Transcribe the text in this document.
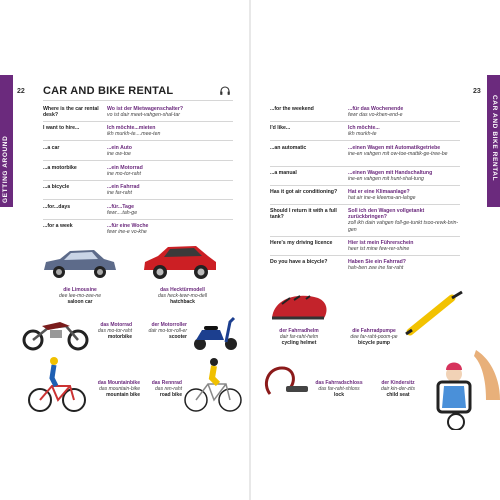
GETTING AROUND
22 CAR AND BIKE RENTAL
Where is the car rental desk?
Wo ist der Mietwagenschalter?
vo ist dair meet-vahgen-shal-tar
I want to hire...	Ich möchte...mieten
ikh murkh-te....mee-ten
...a car	...ein Auto
ine ow-toe
...a motorbike	...ein Motorrad
ine mo-tor-raht
...a bicycle	...ein Fahrrad
ine far-raht
...for...days	...für...Tage
fewr....tah-ge
...for a week	...für eine Woche
fewr ine-e vo-khe
die Limousine
dee lee-mo-zee-ne
saloon car
das Hecktürmodell
das heck-tewr-mo-dell
hatchback
das Motorrad
das mo-tor-raht
motorbike
der Motorroller
dair mo-tor-roll-er
scooter
das Mountainbike
das mountain-bike
mountain bike
das Rennrad
das ren-raht
road bike
CAR AND BIKE RENTAL
23
...for the weekend	...für das Wochenende
fewr das vo-khen-end-e
I'd like...	Ich möchte...
ikh murkh-te
...an automatic	...einen Wagen mit Automatikgetriebe
ine-en vahgen mit ow-toe-mattik-ge-tree-be
...a manual	...einen Wagen mit Handschaltung
ine-en vahgen mit hunt-shal-tung
Has it got air conditioning?	Hat er eine Klimaanlage?
hat air ine-e kleema-an-lahge
Should I return it with a full tank?
Soll ich den Wagen vollgetankt zurückbringen?
zoll ikh dain vahgen foll-ge-tunkt tsoo-rewk-brin-gen
Here's my driving licence	Hier ist mein Führerschein
heer ist mine few-rer-shine
Do you have a bicycle?	Haben Sie ein Fahrrad?
hah-ben zee ine far-raht
der Fahrradhelm
dair far-raht-helm
cycling helmet
die Fahrradpumpe
dee far-raht-poom-pe
bicycle pump
das Fahrradschloss
das far-raht-shloss
lock
der Kindersitz
dair kin-der-zits
child seat
